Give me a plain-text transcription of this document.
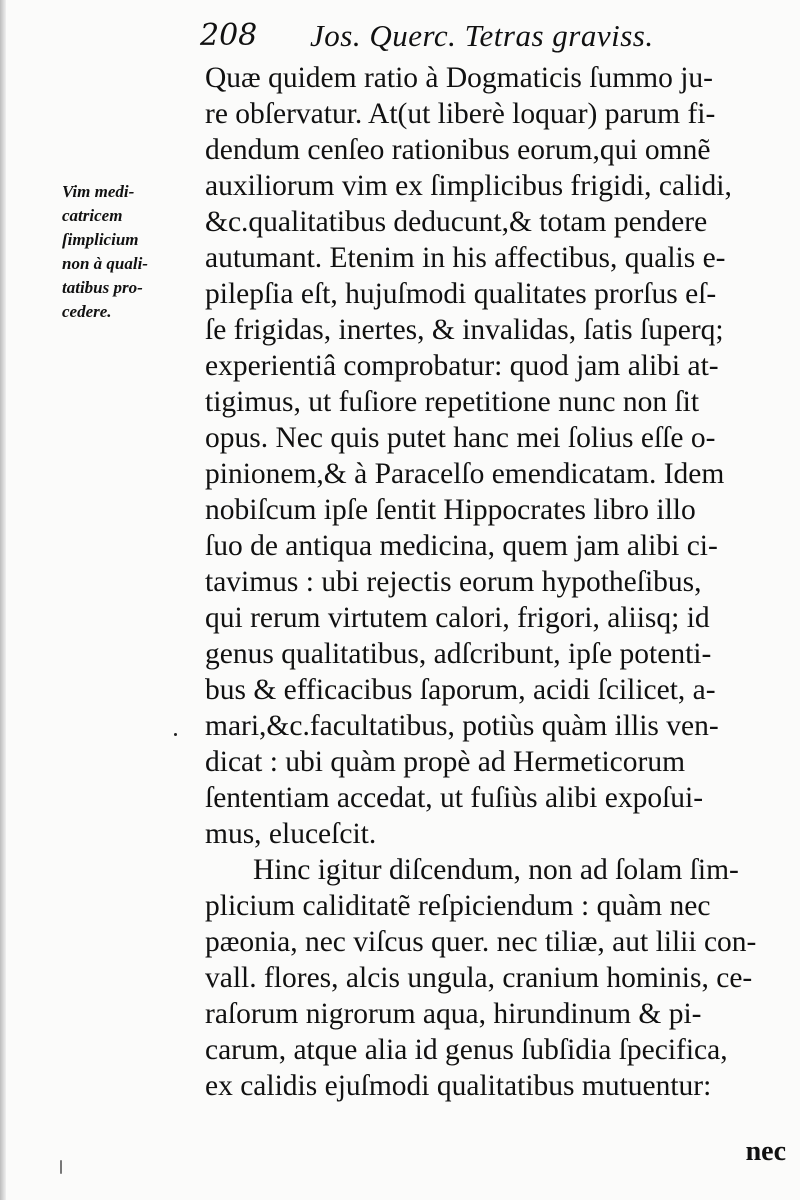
208 Jos. Querc. Tetras graviss.
Vim medi-
catricem
ſimplicium
non à quali-
tatibus pro-
cedere.
Quæ quidem ratio à Dogmaticis ſummo ju-
re obſervatur. At(ut liberè loquar) parum fi-
dendum cenſeo rationibus eorum,qui omnẽ
auxiliorum vim ex ſimplicibus frigidi, calidi,
&c.qualitatibus deducunt,& totam pendere
autumant. Etenim in his affectibus, qualis e-
pilepſia eſt, hujuſmodi qualitates prorſus eſ-
ſe frigidas, inertes, & invalidas, ſatis ſuperq;
experientiâ comprobatur: quod jam alibi at-
tigimus, ut fuſiore repetitione nunc non ſit
opus. Nec quis putet hanc mei ſolius eſſe o-
pinionem,& à Paracelſo emendicatam. Idem
nobiſcum ipſe ſentit Hippocrates libro illo
ſuo de antiqua medicina, quem jam alibi ci-
tavimus : ubi rejectis eorum hypotheſibus,
qui rerum virtutem calori, frigori, aliisq; id
genus qualitatibus, adſcribunt, ipſe potenti-
bus & efficacibus ſaporum, acidi ſcilicet, a-
mari,&c.facultatibus, potiùs quàm illis ven-
dicat : ubi quàm propè ad Hermeticorum
ſententiam accedat, ut fuſiùs alibi expoſui-
mus, eluceſcit.
Hinc igitur diſcendum, non ad ſolam ſim-
plicium caliditatẽ reſpiciendum : quàm nec
pæonia, nec viſcus quer. nec tiliæ, aut lilii con-
vall. flores, alcis ungula, cranium hominis, ce-
raſorum nigrorum aqua, hirundinum & pi-
carum, atque alia id genus ſubſidia ſpecifica,
ex calidis ejuſmodi qualitatibus mutuentur:
nec
